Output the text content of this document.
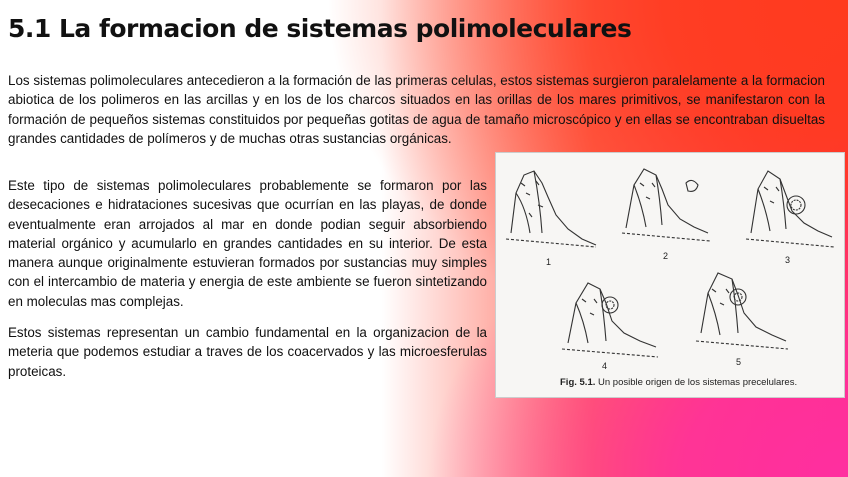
5.1 La formacion de sistemas polimoleculares

Los sistemas polimoleculares antecedieron a la formación de las primeras celulas, estos sistemas surgieron paralelamente a la formacion abiotica de los polimeros en las arcillas y en los de los charcos situados en las orillas de los mares primitivos, se manifestaron con la formación de pequeños sistemas constituidos por pequeñas gotitas de agua de tamaño microscópico y en ellas se encontraban disueltas grandes cantidades de polímeros y de muchas otras sustancias orgánicas.

Este tipo de sistemas polimoleculares probablemente se formaron por las desecaciones e hidrataciones sucesivas que ocurrían en las playas, de donde eventualmente eran arrojados al mar en donde podian seguir absorbiendo material orgánico y acumularlo en grandes cantidades en su interior. De esta manera aunque originalmente estuvieran formados por sustancias muy simples con el intercambio de materia y energia de este ambiente se fueron sintetizando en moleculas mas complejas.

Estos sistemas representan un cambio fundamental en la organizacion de la meteria que podemos estudiar a traves de los coacervados y las microesferulas proteicas.

1
2	3
4	5
Fig. 5.1. Un posible origen de los sistemas precelulares.
